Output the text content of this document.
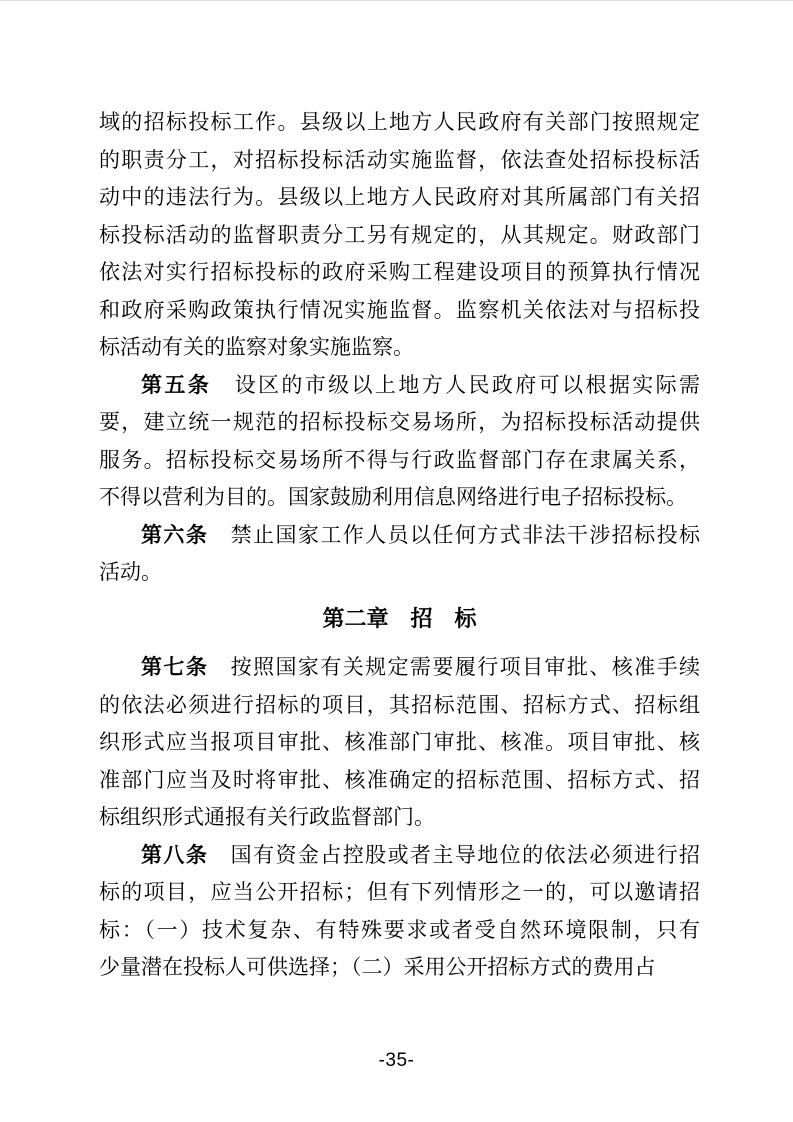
域的招标投标工作。县级以上地方人民政府有关部门按照规定
的职责分工，对招标投标活动实施监督，依法查处招标投标活
动中的违法行为。县级以上地方人民政府对其所属部门有关招
标投标活动的监督职责分工另有规定的，从其规定。财政部门
依法对实行招标投标的政府采购工程建设项目的预算执行情况
和政府采购政策执行情况实施监督。监察机关依法对与招标投
标活动有关的监察对象实施监察。
第五条　设区的市级以上地方人民政府可以根据实际需
要，建立统一规范的招标投标交易场所，为招标投标活动提供
服务。招标投标交易场所不得与行政监督部门存在隶属关系，
不得以营利为目的。国家鼓励利用信息网络进行电子招标投标。
第六条　禁止国家工作人员以任何方式非法干涉招标投标
活动。
第二章　招　标
第七条　按照国家有关规定需要履行项目审批、核准手续
的依法必须进行招标的项目，其招标范围、招标方式、招标组
织形式应当报项目审批、核准部门审批、核准。项目审批、核
准部门应当及时将审批、核准确定的招标范围、招标方式、招
标组织形式通报有关行政监督部门。
第八条　国有资金占控股或者主导地位的依法必须进行招
标的项目，应当公开招标；但有下列情形之一的，可以邀请招
标：（一）技术复杂、有特殊要求或者受自然环境限制，只有
少量潜在投标人可供选择；（二）采用公开招标方式的费用占
-35-
